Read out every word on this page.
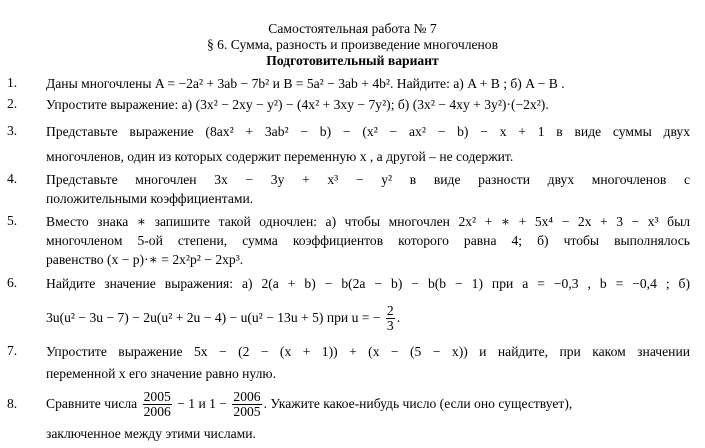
Самостоятельная работа № 7
§ 6. Сумма, разность и произведение многочленов
Подготовительный вариант
1.	Даны многочлены A = −2a² + 3ab − 7b² и B = 5a² − 3ab + 4b². Найдите: а) A + B ; б) A − B .
2.	Упростите выражение: а) (3x² − 2xy − y²) − (4x² + 3xy − 7y²); б) (3x² − 4xy + 3y²)·(−2x²).
3.	Представьте выражение (8ax² + 3ab² − b) − (x² − ax² − b) − x + 1 в виде суммы двух
многочленов, один из которых содержит переменную x , а другой – не содержит.
4.	Представьте многочлен 3x − 3y + x³ − y² в виде разности двух многочленов с
положительными коэффициентами.
5.	Вместо знака ∗ запишите такой одночлен: а) чтобы многочлен 2x² + ∗ + 5x⁴ − 2x + 3 − x³ был
многочленом 5-ой степени, сумма коэффициентов которого равна 4; б) чтобы выполнялось
равенство (x − p)·∗ = 2x²p² − 2xp³.
6.	Найдите значение выражения: а) 2(a + b) − b(2a − b) − b(b − 1) при a = −0,3 , b = −0,4 ; б)
3u(u² − 3u − 7) − 2u(u² + 2u − 4) − u(u² − 13u + 5) при u = − $\frac{2}{3}$ .
7.	Упростите выражение 5x − (2 − (x + 1)) + (x − (5 − x)) и найдите, при каком значении
переменной x его значение равно нулю.
8.	Сравните числа $\frac{2005}{2006} - 1$ и $1 - \frac{2006}{2005}$ . Укажите какое-нибудь число (если оно существует),
заключенное между этими числами.
